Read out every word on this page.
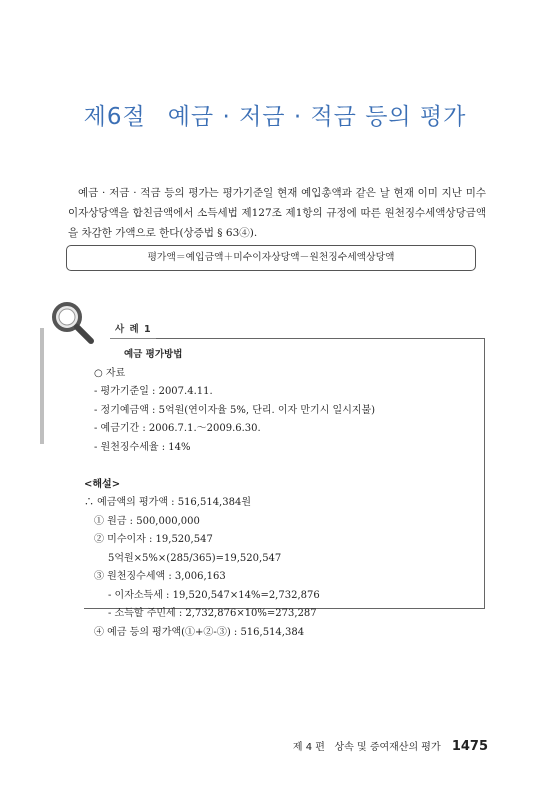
제6절 예금 · 저금 · 적금 등의 평가
예금 · 저금 · 적금 등의 평가는 평가기준일 현재 예입총액과 같은 날 현재 이미 지난 미수이자상당액을 합친금액에서 소득세법 제127조 제1항의 규정에 따른 원천징수세액상당금액을 차감한 가액으로 한다(상증법 § 63④).
평가액＝예입금액＋미수이자상당액－원천징수세액상당액
사 례 1
예금 평가방법
○ 자료
- 평가기준일 : 2007.4.11.
- 정기예금액 : 5억원(연이자율 5%, 단리. 이자 만기시 일시지불)
- 예금기간 : 2006.7.1.～2009.6.30.
- 원천징수세율 : 14%
<해설>
∴ 예금액의 평가액 : 516,514,384원
① 원금 : 500,000,000
② 미수이자 : 19,520,547
5억원×5%×(285/365)=19,520,547
③ 원천징수세액 : 3,006,163
- 이자소득세 : 19,520,547×14%=2,732,876
- 소득할 주민세 : 2,732,876×10%=273,287
④ 예금 등의 평가액(①+②-③) : 516,514,384
제 4 편 상속 및 증여재산의 평가 1475
